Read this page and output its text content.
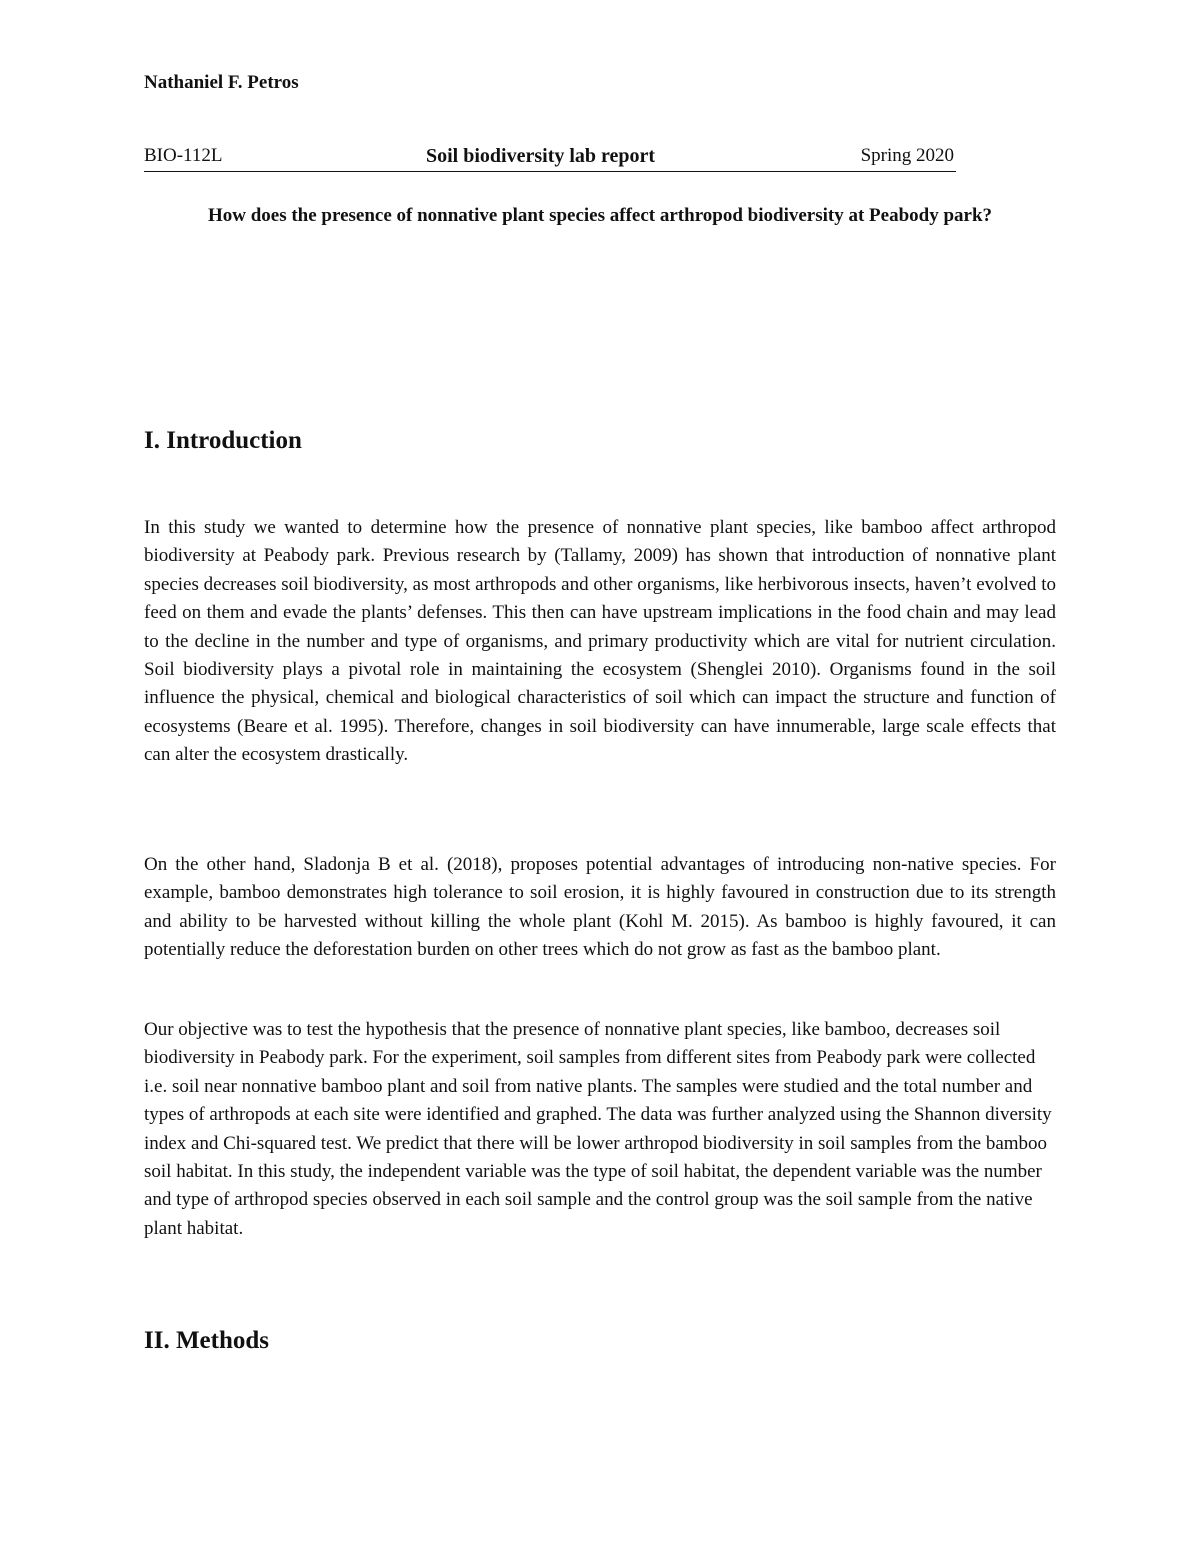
Nathaniel F. Petros
BIO-112L	Soil biodiversity lab report	Spring 2020
How does the presence of nonnative plant species affect arthropod biodiversity at Peabody park?
I. Introduction

In this study we wanted to determine how the presence of nonnative plant species, like bamboo affect arthropod biodiversity at Peabody park. Previous research by (Tallamy, 2009) has shown that introduction of nonnative plant species decreases soil biodiversity, as most arthropods and other organisms, like herbivorous insects, haven’t evolved to feed on them and evade the plants’ defenses. This then can have upstream implications in the food chain and may lead to the decline in the number and type of organisms, and primary productivity which are vital for nutrient circulation. Soil biodiversity plays a pivotal role in maintaining the ecosystem (Shenglei 2010). Organisms found in the soil influence the physical, chemical and biological characteristics of soil which can impact the structure and function of ecosystems (Beare et al. 1995). Therefore, changes in soil biodiversity can have innumerable, large scale effects that can alter the ecosystem drastically.

On the other hand, Sladonja B et al. (2018), proposes potential advantages of introducing non-native species. For example, bamboo demonstrates high tolerance to soil erosion, it is highly favoured in construction due to its strength and ability to be harvested without killing the whole plant (Kohl M. 2015). As bamboo is highly favoured, it can potentially reduce the deforestation burden on other trees which do not grow as fast as the bamboo plant.

Our objective was to test the hypothesis that the presence of nonnative plant species, like bamboo, decreases soil biodiversity in Peabody park. For the experiment, soil samples from different sites from Peabody park were collected i.e. soil near nonnative bamboo plant and soil from native plants. The samples were studied and the total number and types of arthropods at each site were identified and graphed. The data was further analyzed using the Shannon diversity index and Chi-squared test. We predict that there will be lower arthropod biodiversity in soil samples from the bamboo soil habitat. In this study, the independent variable was the type of soil habitat, the dependent variable was the number and type of arthropod species observed in each soil sample and the control group was the soil sample from the native plant habitat.

II. Methods
